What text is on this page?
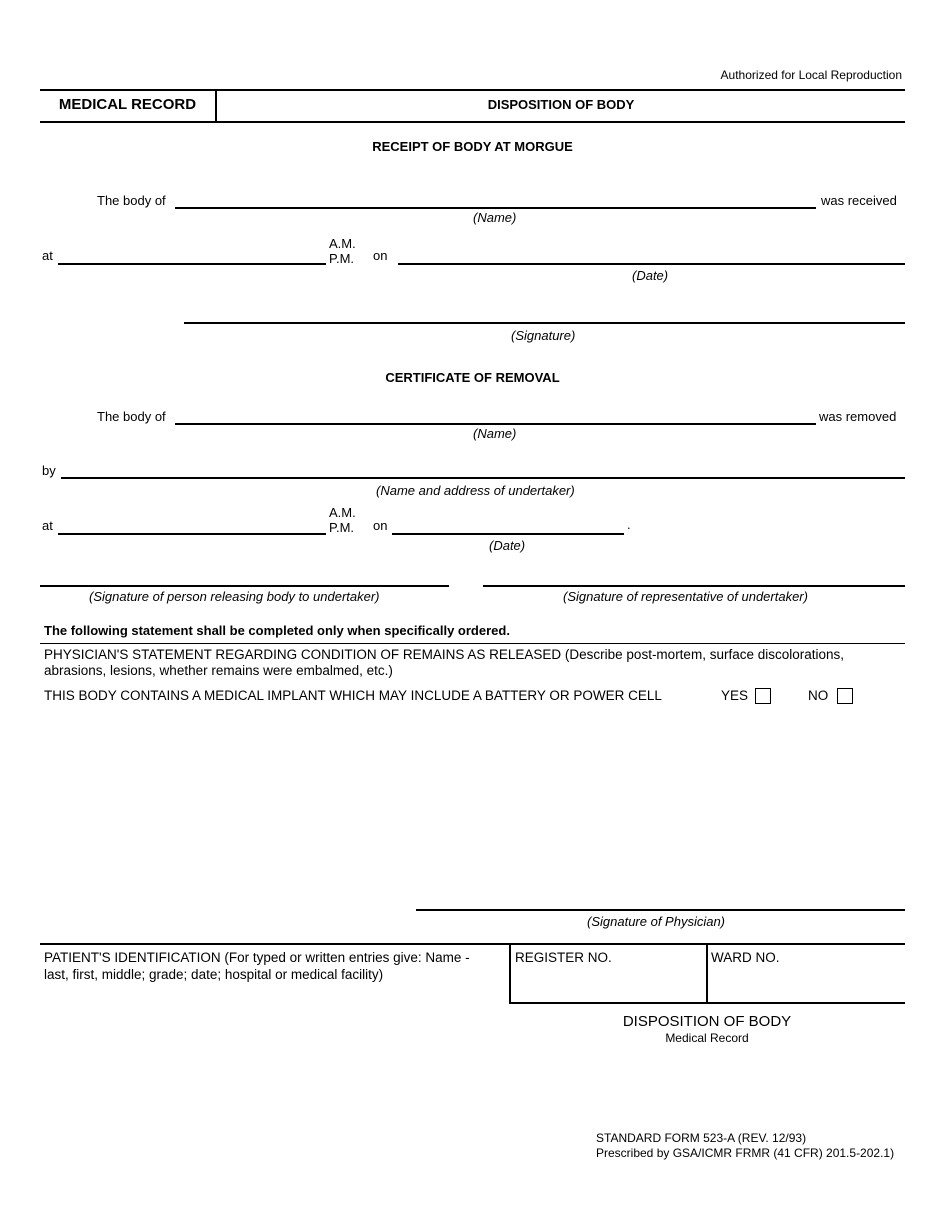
Authorized for Local Reproduction
MEDICAL RECORD	DISPOSITION OF BODY
RECEIPT OF BODY AT MORGUE
The body of	was received
(Name)
at
A.M.
P.M. on
(Date)
(Signature)
CERTIFICATE OF REMOVAL
The body of	was removed
(Name)
by
(Name and address of undertaker)
at
A.M.
P.M. on	.
(Date)
(Signature of person releasing body to undertaker)	(Signature of representative of undertaker)
The following statement shall be completed only when specifically ordered.
PHYSICIAN'S STATEMENT REGARDING CONDITION OF REMAINS AS RELEASED (Describe post-mortem, surface discolorations,
abrasions, lesions, whether remains were embalmed, etc.)
THIS BODY CONTAINS A MEDICAL IMPLANT WHICH MAY INCLUDE A BATTERY OR POWER CELL	YES	NO
(Signature of Physician)
PATIENT'S IDENTIFICATION (For typed or written entries give: Name -
last, first, middle; grade; date; hospital or medical facility)
REGISTER NO.	WARD NO.
DISPOSITION OF BODY
Medical Record
STANDARD FORM 523-A (REV. 12/93)
Prescribed by GSA/ICMR FRMR (41 CFR) 201.5-202.1)
